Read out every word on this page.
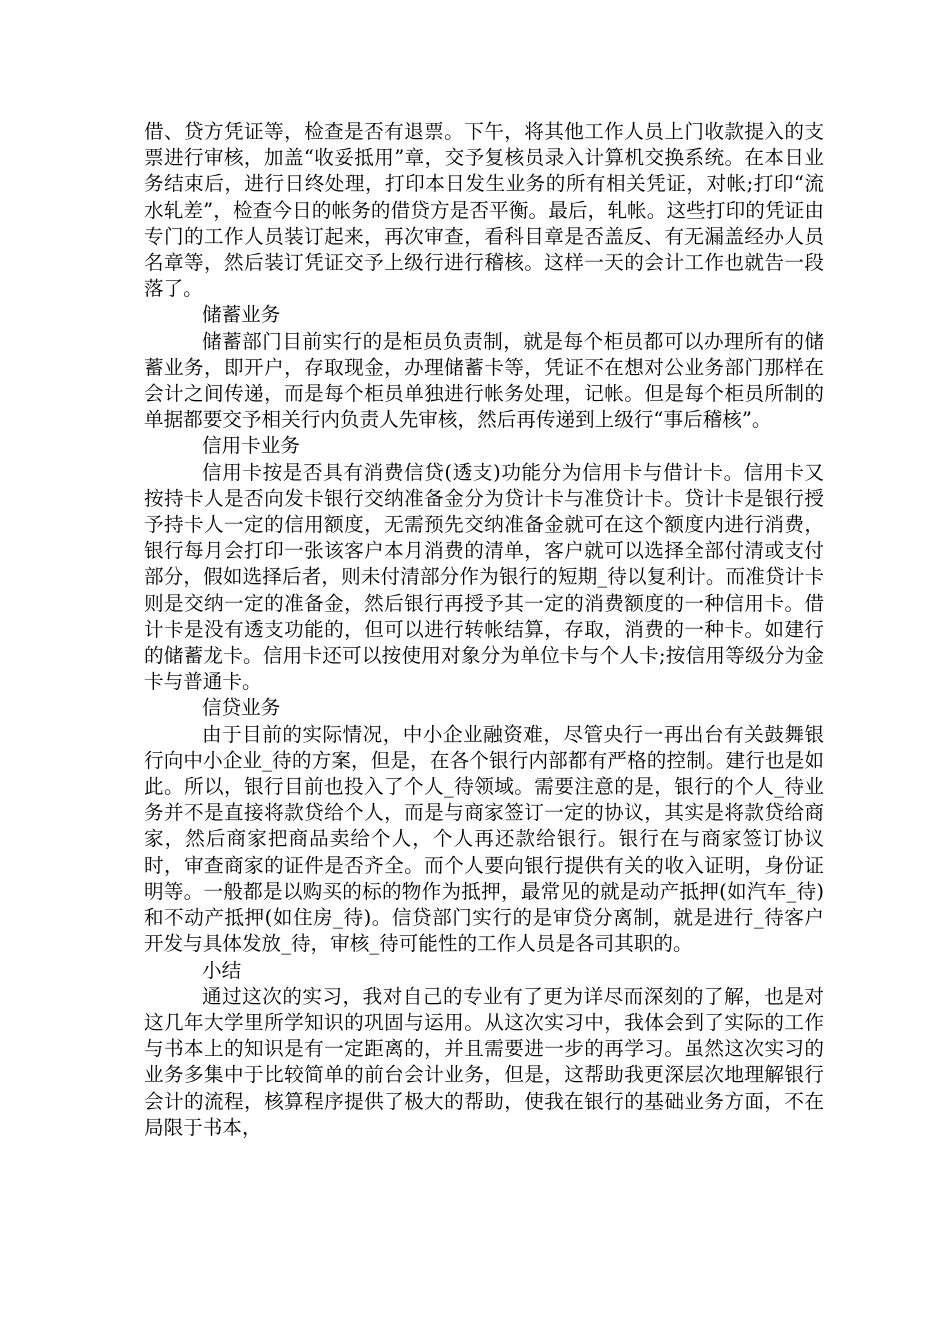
借、贷方凭证等，检查是否有退票。下午，将其他工作人员上门收款提入的支票进行审核，加盖“收妥抵用”章，交予复核员录入计算机交换系统。在本日业务结束后，进行日终处理，打印本日发生业务的所有相关凭证，对帐;打印“流水轧差”，检查今日的帐务的借贷方是否平衡。最后，轧帐。这些打印的凭证由专门的工作人员装订起来，再次审查，看科目章是否盖反、有无漏盖经办人员名章等，然后装订凭证交予上级行进行稽核。这样一天的会计工作也就告一段落了。

储蓄业务

储蓄部门目前实行的是柜员负责制，就是每个柜员都可以办理所有的储蓄业务，即开户，存取现金，办理储蓄卡等，凭证不在想对公业务部门那样在会计之间传递，而是每个柜员单独进行帐务处理，记帐。但是每个柜员所制的单据都要交予相关行内负责人先审核，然后再传递到上级行“事后稽核”。

信用卡业务

信用卡按是否具有消费信贷(透支)功能分为信用卡与借计卡。信用卡又按持卡人是否向发卡银行交纳准备金分为贷计卡与准贷计卡。贷计卡是银行授予持卡人一定的信用额度，无需预先交纳准备金就可在这个额度内进行消费，银行每月会打印一张该客户本月消费的清单，客户就可以选择全部付清或支付部分，假如选择后者，则未付清部分作为银行的短期_待以复利计。而准贷计卡则是交纳一定的准备金，然后银行再授予其一定的消费额度的一种信用卡。借计卡是没有透支功能的，但可以进行转帐结算，存取，消费的一种卡。如建行的储蓄龙卡。信用卡还可以按使用对象分为单位卡与个人卡;按信用等级分为金卡与普通卡。

信贷业务

由于目前的实际情况，中小企业融资难，尽管央行一再出台有关鼓舞银行向中小企业_待的方案，但是，在各个银行内部都有严格的控制。建行也是如此。所以，银行目前也投入了个人_待领域。需要注意的是，银行的个人_待业务并不是直接将款贷给个人，而是与商家签订一定的协议，其实是将款贷给商家，然后商家把商品卖给个人，个人再还款给银行。银行在与商家签订协议时，审查商家的证件是否齐全。而个人要向银行提供有关的收入证明，身份证明等。一般都是以购买的标的物作为抵押，最常见的就是动产抵押(如汽车_待)和不动产抵押(如住房_待)。信贷部门实行的是审贷分离制，就是进行_待客户开发与具体发放_待，审核_待可能性的工作人员是各司其职的。

小结

通过这次的实习，我对自己的专业有了更为详尽而深刻的了解，也是对这几年大学里所学知识的巩固与运用。从这次实习中，我体会到了实际的工作与书本上的知识是有一定距离的，并且需要进一步的再学习。虽然这次实习的业务多集中于比较简单的前台会计业务，但是，这帮助我更深层次地理解银行会计的流程，核算程序提供了极大的帮助，使我在银行的基础业务方面，不在局限于书本，
